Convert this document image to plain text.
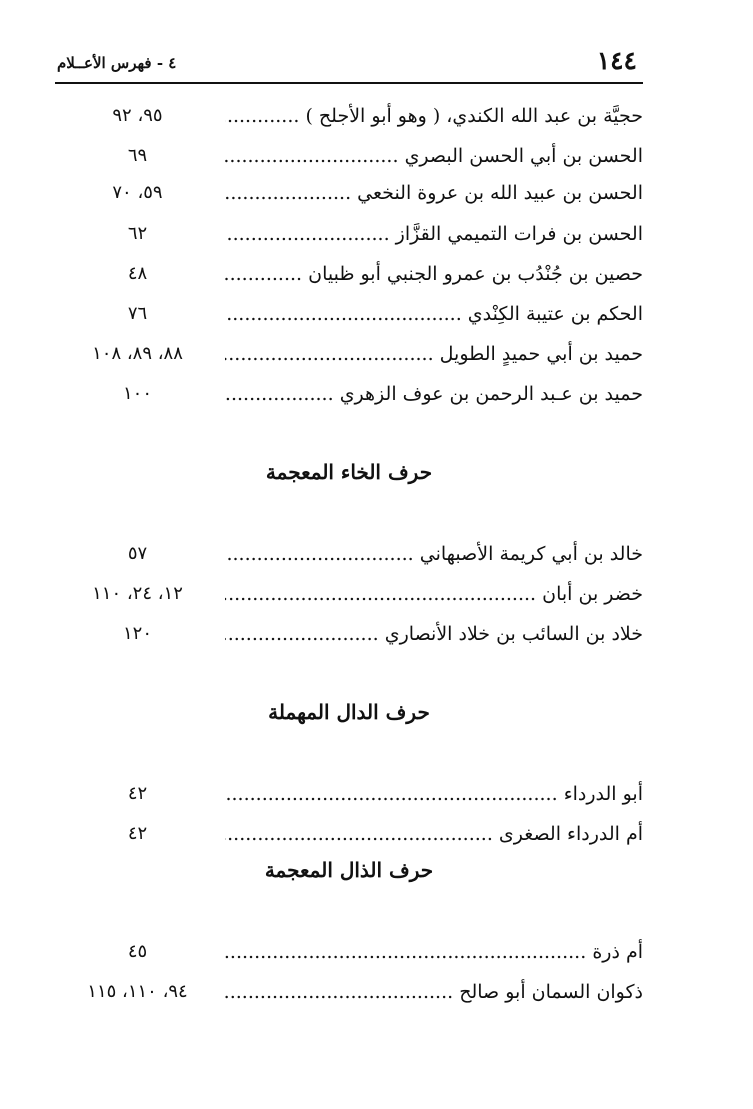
١٤٤
٤ - فهرس الأعــلام
حجيَّة بن عبد الله الكندي، ( وهو أبو الأجلح ) .....
٩٥، ٩٢
الحسن بن أبي الحسن البصري .....
٦٩
الحسن بن عبيد الله بن عروة النخعي .....
٥٩، ٧٠
الحسن بن فرات التميمي القزَّاز .....
٦٢
حصين بن جُنْدُب بن عمرو الجنبي أبو ظبيان .....
٤٨
الحكم بن عتيبة الكِنْدي .....
٧٦
حميد بن أبي حميدٍ الطويل .....
٨٨، ٨٩، ١٠٨
حميد بن عـبد الرحمن بن عوف الزهري .....
١٠٠
حرف الخاء المعجمة
خالد بن أبي كريمة الأصبهاني .....
٥٧
خضر بن أبان .....
١٢، ٢٤، ١١٠
خلاد بن السائب بن خلاد الأنصاري .....
١٢٠
حرف الدال المهملة
أبو الدرداء .....
٤٢
أم الدرداء الصغرى .....
٤٢
حرف الذال المعجمة
أم ذرة .....
٤٥
ذكوان السمان أبو صالح .....
٩٤، ١١٠، ١١٥
